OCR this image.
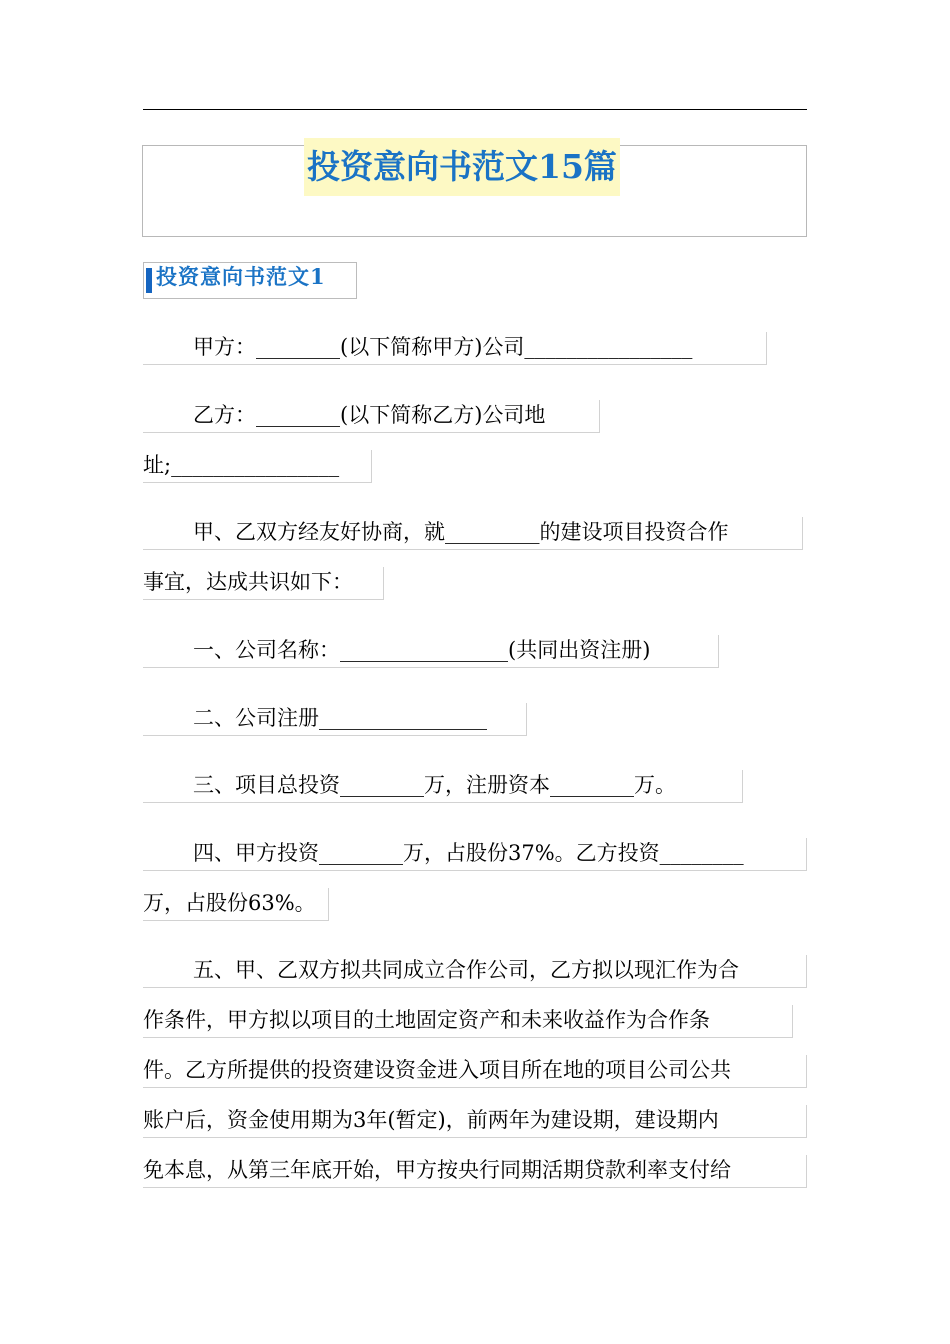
投资意向书范文15篇
投资意向书范文1
甲方：________(以下简称甲方)公司________________
乙方：________(以下简称乙方)公司地
址;________________
甲、乙双方经友好协商，就_________的建设项目投资合作
事宜，达成共识如下：
一、公司名称：________________(共同出资注册)
二、公司注册________________
三、项目总投资________万，注册资本________万。
四、甲方投资________万，占股份37%。乙方投资________
万，占股份63%。
五、甲、乙双方拟共同成立合作公司，乙方拟以现汇作为合
作条件，甲方拟以项目的土地固定资产和未来收益作为合作条
件。乙方所提供的投资建设资金进入项目所在地的项目公司公共
账户后，资金使用期为3年(暂定)，前两年为建设期，建设期内
免本息，从第三年底开始，甲方按央行同期活期贷款利率支付给
